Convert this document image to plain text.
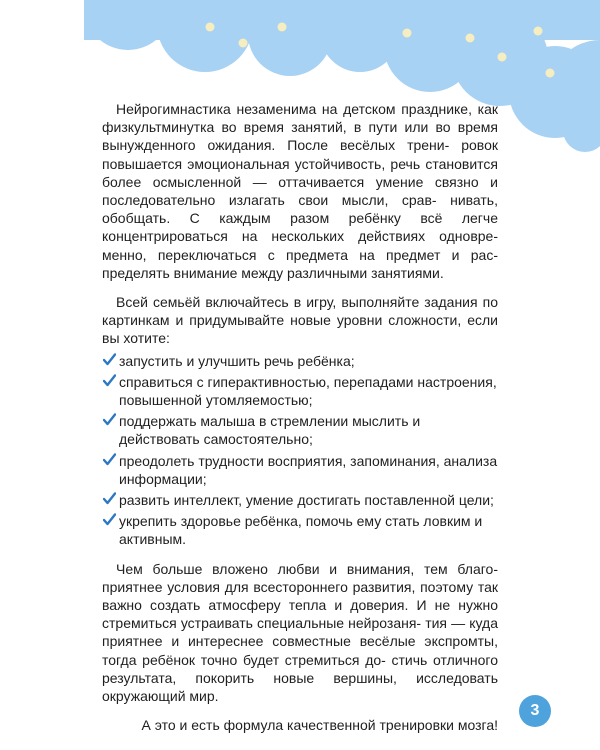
Нейрогимнастика незаменима на детском празднике, как физкультминутка во время занятий, в пути или во время вынужденного ожидания. После весёлых трени- ровок повышается эмоциональная устойчивость, речь становится более осмысленной — оттачивается умение связно и последовательно излагать свои мысли, срав- нивать, обобщать. С каждым разом ребёнку всё легче концентрироваться на нескольких действиях одновре- менно, переключаться с предмета на предмет и рас- пределять внимание между различными занятиями.

Всей семьёй включайтесь в игру, выполняйте задания по картинкам и придумывайте новые уровни сложности, если вы хотите:

запустить и улучшить речь ребёнка;
справиться с гиперактивностью, перепадами настроения, повышенной утомляемостью;
поддержать малыша в стремлении мыслить и действовать самостоятельно;
преодолеть трудности восприятия, запоминания, анализа информации;
развить интеллект, умение достигать поставленной цели;
укрепить здоровье ребёнка, помочь ему стать ловким и активным.

Чем больше вложено любви и внимания, тем благо- приятнее условия для всестороннего развития, поэтому так важно создать атмосферу тепла и доверия. И не нужно стремиться устраивать специальные нейрозаня- тия — куда приятнее и интереснее совместные весёлые экспромты, тогда ребёнок точно будет стремиться до- стичь отличного результата, покорить новые вершины, исследовать окружающий мир.

А это и есть формула качественной тренировки мозга!

3
